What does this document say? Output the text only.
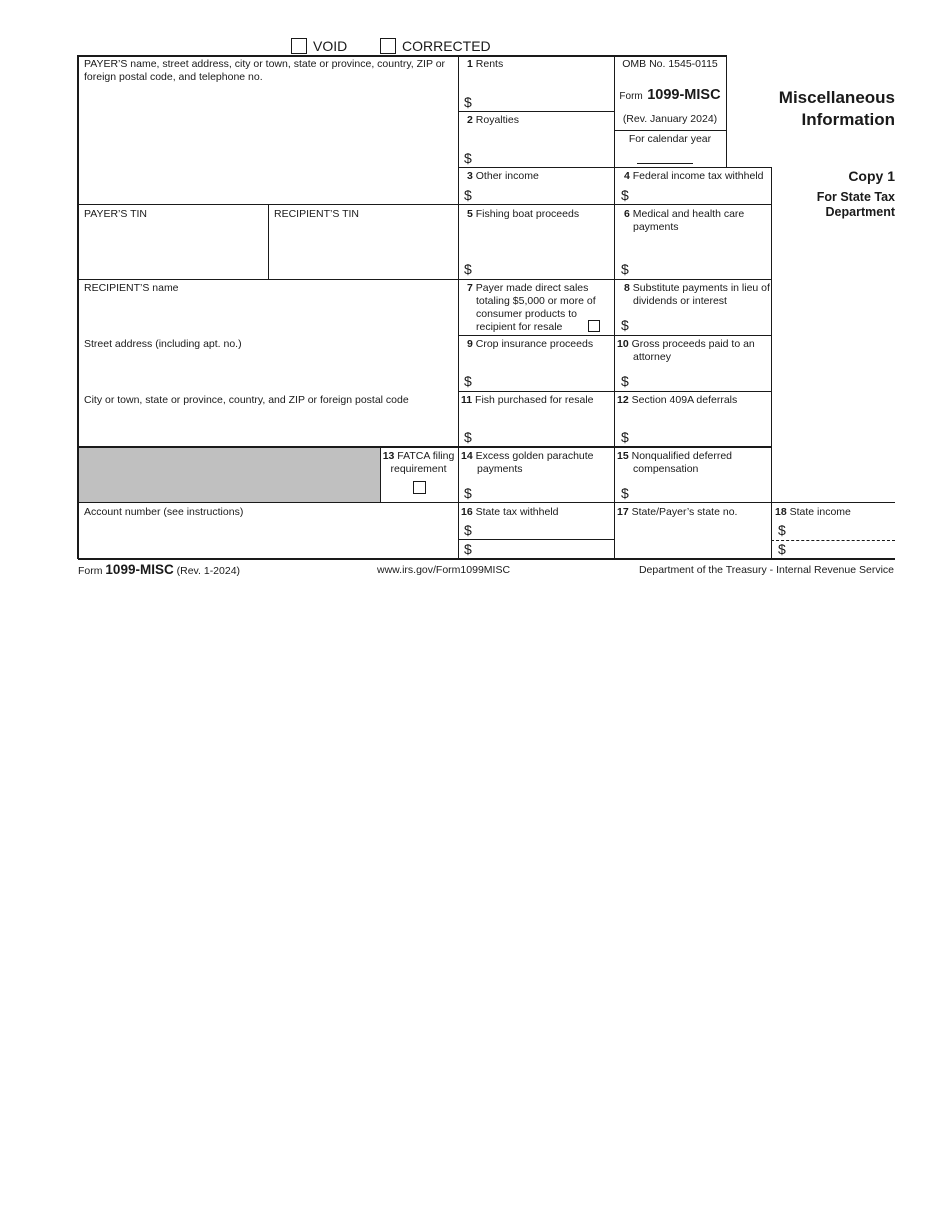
VOID	CORRECTED
PAYER’S name, street address, city or town, state or province, country, ZIP or foreign postal code, and telephone no.
PAYER’S TIN	RECIPIENT’S TIN
RECIPIENT’S name
Street address (including apt. no.)
City or town, state or province, country, and ZIP or foreign postal code
Account number (see instructions)
OMB No. 1545-0115
Form 1099-MISC
(Rev. January 2024)
For calendar year
Miscellaneous
Information
Copy 1
For State Tax
Department
1 Rents
$
2 Royalties
$
3 Other income
$
4 Federal income tax withheld
$
5 Fishing boat proceeds
$
6 Medical and health care payments
$
7 Payer made direct sales totaling $5,000 or more of consumer products to recipient for resale
8 Substitute payments in lieu of dividends or interest
$
9 Crop insurance proceeds
$
10 Gross proceeds paid to an attorney
$
11 Fish purchased for resale
$
12 Section 409A deferrals
$
13 FATCA filing requirement
14 Excess golden parachute payments
$
15 Nonqualified deferred compensation
$
16 State tax withheld
$
$
17 State/Payer’s state no.	18 State income
$
$
Form 1099-MISC (Rev. 1-2024)	www.irs.gov/Form1099MISC	Department of the Treasury - Internal Revenue Service
